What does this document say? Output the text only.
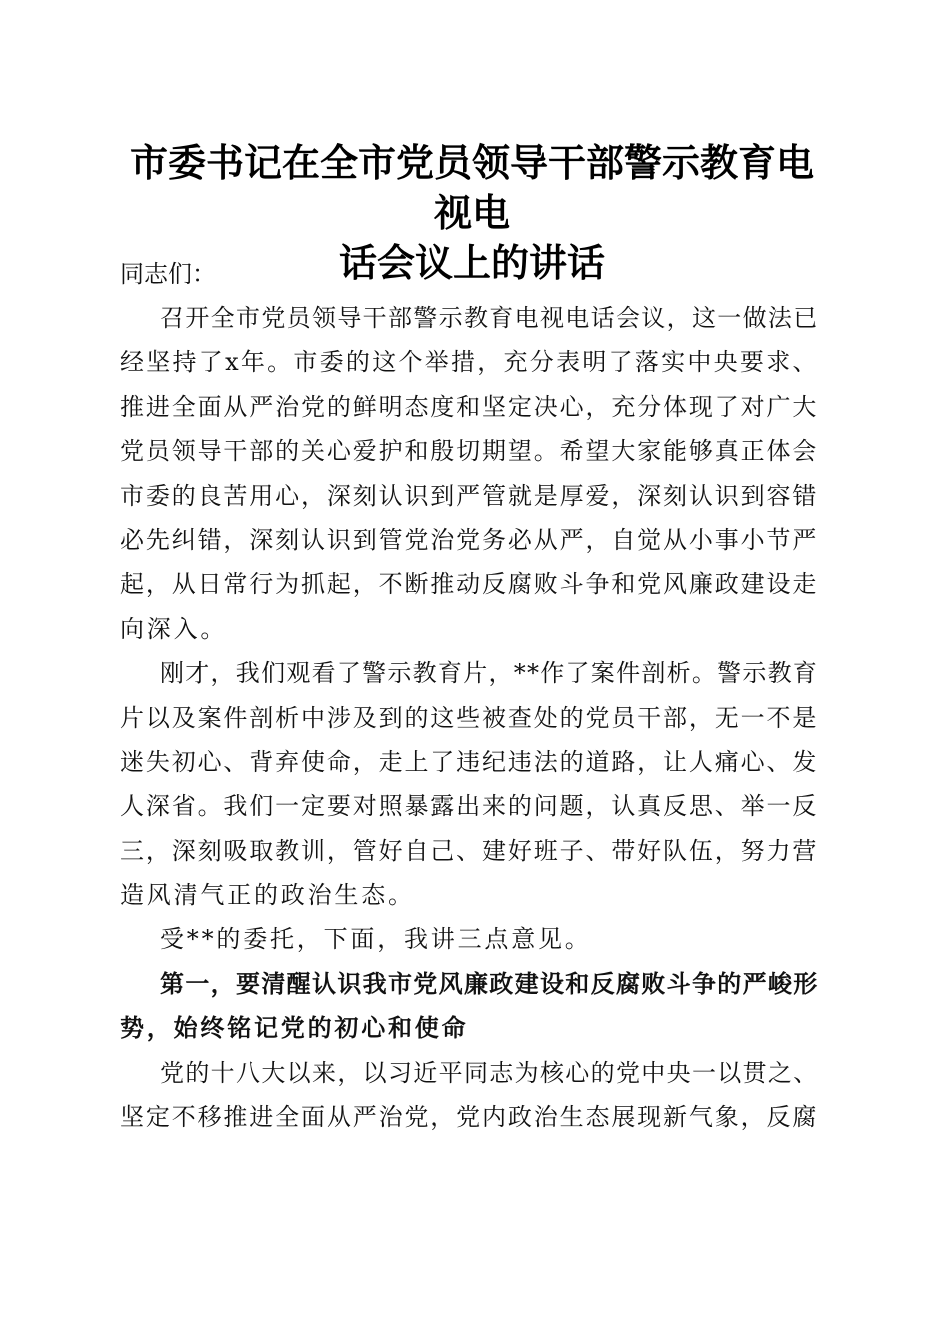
市委书记在全市党员领导干部警示教育电视电
话会议上的讲话

同志们：

召开全市党员领导干部警示教育电视电话会议，这一做法已
经坚持了x年。市委的这个举措，充分表明了落实中央要求、
推进全面从严治党的鲜明态度和坚定决心，充分体现了对广大
党员领导干部的关心爱护和殷切期望。希望大家能够真正体会
市委的良苦用心，深刻认识到严管就是厚爱，深刻认识到容错
必先纠错，深刻认识到管党治党务必从严，自觉从小事小节严
起，从日常行为抓起，不断推动反腐败斗争和党风廉政建设走
向深入。

刚才，我们观看了警示教育片，**作了案件剖析。警示教育
片以及案件剖析中涉及到的这些被查处的党员干部，无一不是
迷失初心、背弃使命，走上了违纪违法的道路，让人痛心、发
人深省。我们一定要对照暴露出来的问题，认真反思、举一反
三，深刻吸取教训，管好自己、建好班子、带好队伍，努力营
造风清气正的政治生态。

受**的委托，下面，我讲三点意见。

第一，要清醒认识我市党风廉政建设和反腐败斗争的严峻形
势，始终铭记党的初心和使命

党的十八大以来，以习近平同志为核心的党中央一以贯之、
坚定不移推进全面从严治党，党内政治生态展现新气象，反腐
